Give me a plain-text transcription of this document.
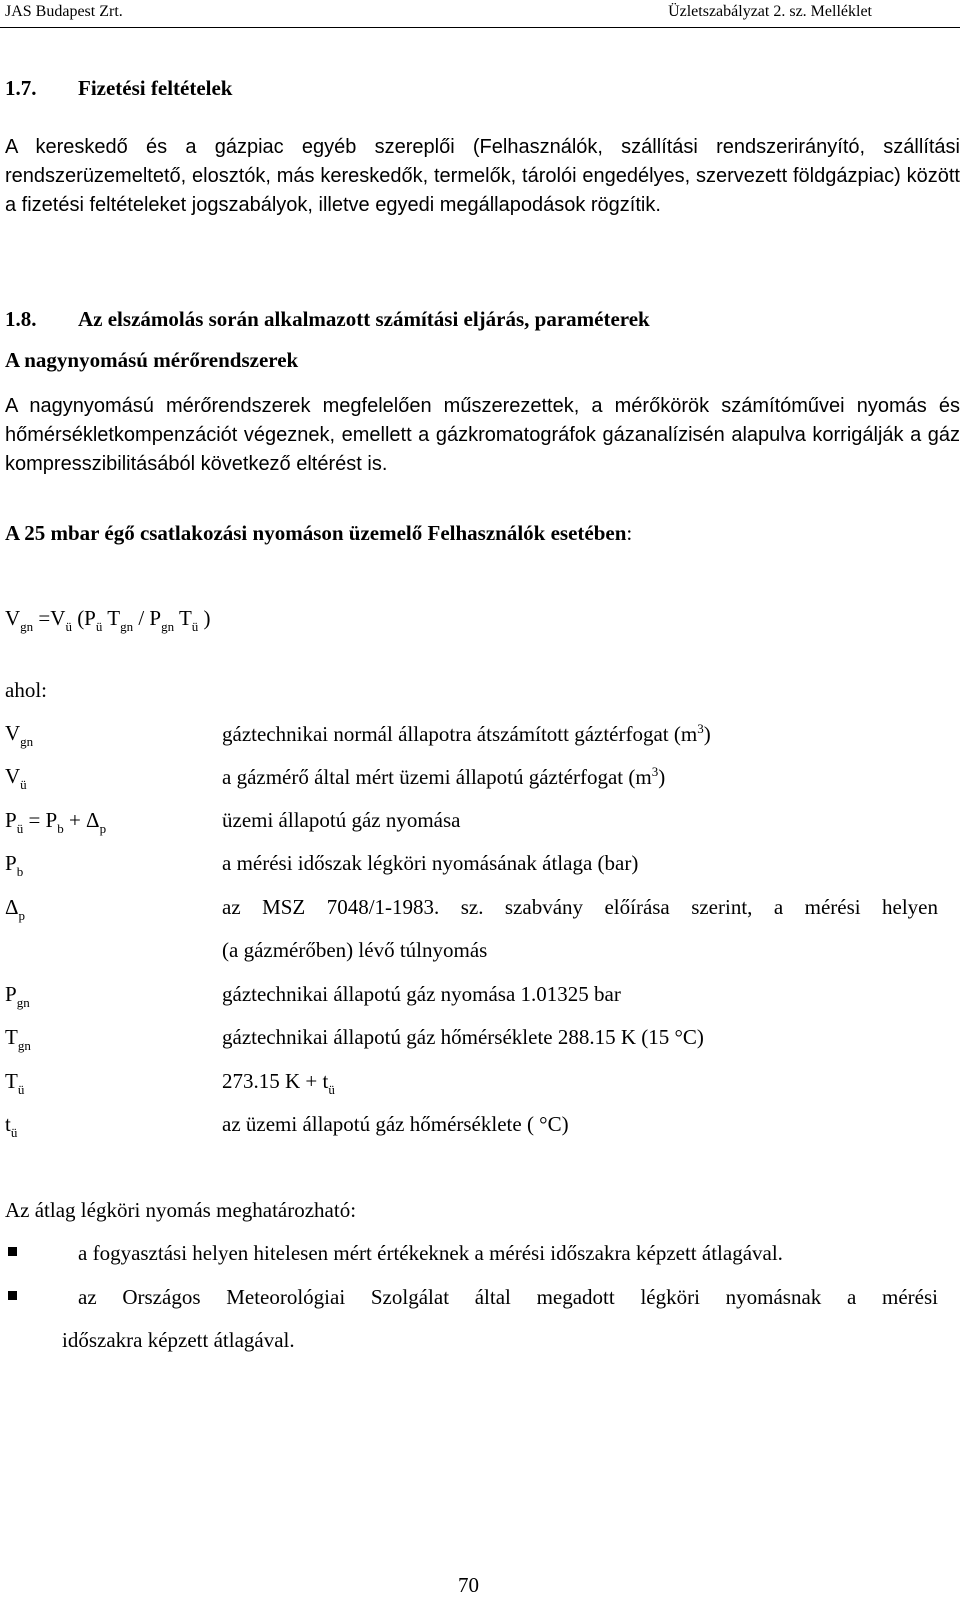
JAS Budapest Zrt.	Üzletszabályzat 2. sz. Melléklet
1.7. Fizetési feltételek
A kereskedő és a gázpiac egyéb szereplői (Felhasználók, szállítási rendszerirányító, szállítási rendszerüzemeltető, elosztók, más kereskedők, termelők, tárolói engedélyes, szervezett földgázpiac) között a fizetési feltételeket jogszabályok, illetve egyedi megállapodások rögzítik.
1.8. Az elszámolás során alkalmazott számítási eljárás, paraméterek
A nagynyomású mérőrendszerek
A nagynyomású mérőrendszerek megfelelően műszerezettek, a mérőkörök számítóművei nyomás és hőmérsékletkompenzációt végeznek, emellett a gázkromatográfok gázanalízisén alapulva korrigálják a gáz kompresszibilitásából következő eltérést is.
A 25 mbar égő csatlakozási nyomáson üzemelő Felhasználók esetében:
$V_{gn} =V_ü$ ($P_ü$ $T_{gn} / P_{gn}$ $T_ü$ )
ahol:
$V_{gn}$	gáztechnikai normál állapotra átszámított gáztérfogat $(m^3)$
$V_ü$	a gázmérő által mért üzemi állapotú gáztérfogat $(m^3)$
$P_ü = P_b + \Delta_p$	üzemi állapotú gáz nyomása
$P_b$	a mérési időszak légköri nyomásának átlaga (bar)
$\Delta_p$	az MSZ 7048/1-1983. sz. szabvány előírása szerint, a mérési helyen
(a gázmérőben) lévő túlnyomás
$P_{gn}$	gáztechnikai állapotú gáz nyomása 1.01325 bar
$T_{gn}$	gáztechnikai állapotú gáz hőmérséklete 288.15 K (15 °C)
$T_ü$	273.15 $K + t_ü$
$t_ü$	az üzemi állapotú gáz hőmérséklete ( °C)
Az átlag légköri nyomás meghatározható:
a fogyasztási helyen hitelesen mért értékeknek a mérési időszakra képzett átlagával.
az Országos Meteorológiai Szolgálat által megadott légköri nyomásnak a mérési
időszakra képzett átlagával.
70
